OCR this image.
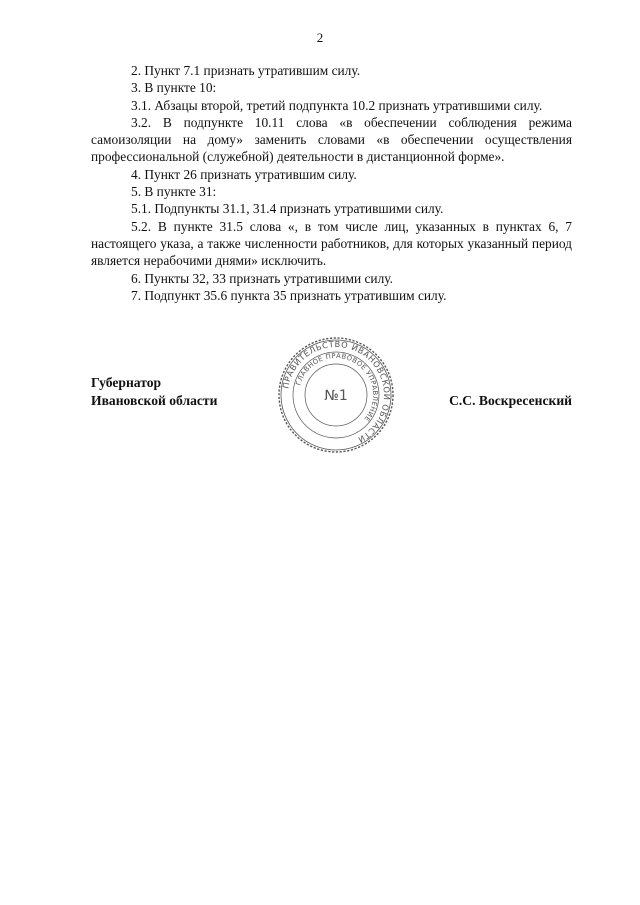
2

2. Пункт 7.1 признать утратившим силу.

3. В пункте 10:

3.1. Абзацы второй, третий подпункта 10.2 признать утратившими силу.

3.2. В подпункте 10.11 слова «в обеспечении соблюдения режима самоизоляции на дому» заменить словами «в обеспечении осуществления профессиональной (служебной) деятельности в дистанционной форме».

4. Пункт 26 признать утратившим силу.

5. В пункте 31:

5.1. Подпункты 31.1, 31.4 признать утратившими силу.

5.2. В пункте 31.5 слова «, в том числе лиц, указанных в пунктах 6, 7 настоящего указа, а также численности работников, для которых указанный период является нерабочими днями» исключить.

6. Пункты 32, 33 признать утратившими силу.

7. Подпункт 35.6 пункта 35 признать утратившим силу.

Губернатор
Ивановской области	С.С. Воскресенский
ПРАВИТЕЛЬСТВО ИВАНОВСКОЙ ОБЛАСТИ
ГЛАВНОЕ ПРАВОВОЕ УПРАВЛЕНИЕ
№1
